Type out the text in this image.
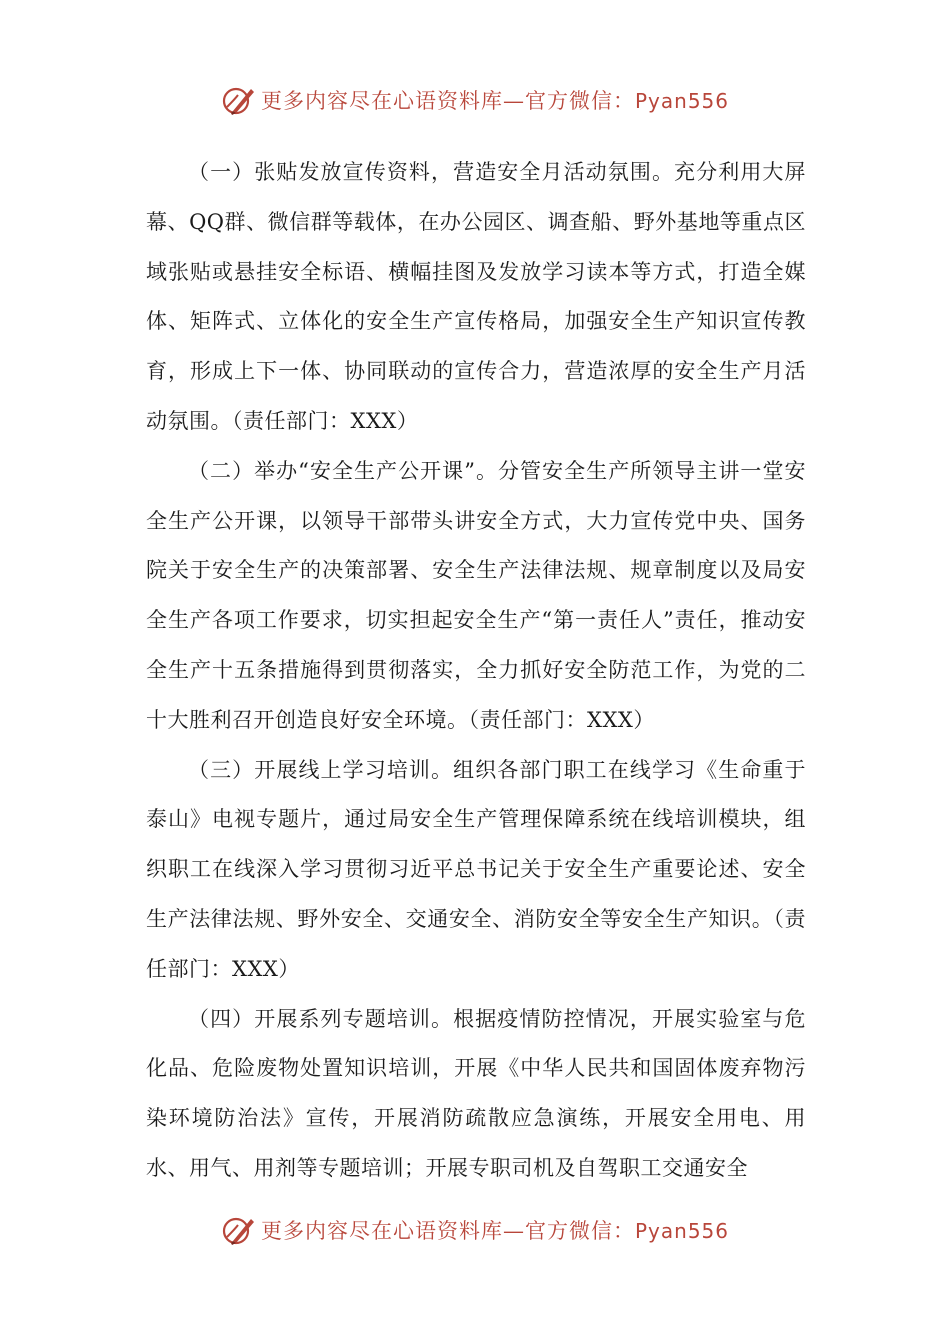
更多内容尽在心语资料库—官方微信：Pyan556

（一）张贴发放宣传资料，营造安全月活动氛围。充分利用大屏幕、QQ群、微信群等载体，在办公园区、调查船、野外基地等重点区域张贴或悬挂安全标语、横幅挂图及发放学习读本等方式，打造全媒体、矩阵式、立体化的安全生产宣传格局，加强安全生产知识宣传教育，形成上下一体、协同联动的宣传合力，营造浓厚的安全生产月活动氛围。（责任部门：XXX）

（二）举办“安全生产公开课”。分管安全生产所领导主讲一堂安全生产公开课，以领导干部带头讲安全方式，大力宣传党中央、国务院关于安全生产的决策部署、安全生产法律法规、规章制度以及局安全生产各项工作要求，切实担起安全生产“第一责任人”责任，推动安全生产十五条措施得到贯彻落实，全力抓好安全防范工作，为党的二十大胜利召开创造良好安全环境。（责任部门：XXX）

（三）开展线上学习培训。组织各部门职工在线学习《生命重于泰山》电视专题片，通过局安全生产管理保障系统在线培训模块，组织职工在线深入学习贯彻习近平总书记关于安全生产重要论述、安全生产法律法规、野外安全、交通安全、消防安全等安全生产知识。（责任部门：XXX）

（四）开展系列专题培训。根据疫情防控情况，开展实验室与危化品、危险废物处置知识培训，开展《中华人民共和国固体废弃物污染环境防治法》宣传，开展消防疏散应急演练，开展安全用电、用水、用气、用剂等专题培训；开展专职司机及自驾职工交通安全

更多内容尽在心语资料库—官方微信：Pyan556
